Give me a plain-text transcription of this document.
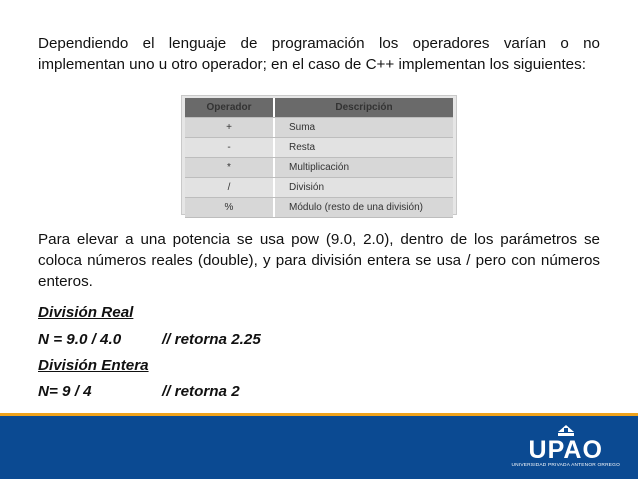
Dependiendo el lenguaje de programación los operadores varían o no implementan uno u otro operador; en el caso de C++ implementan los siguientes:

Operador	Descripción
+	Suma
-	Resta
*	Multiplicación
/	División
%	Módulo (resto de una división)

Para elevar a una potencia se usa pow (9.0, 2.0), dentro de los parámetros se coloca números reales (double), y para división entera se usa / pero con números enteros.

División Real

N = 9.0 / 4.0	// retorna 2.25

División Entera

N= 9 / 4	// retorna 2

UPAO
UNIVERSIDAD PRIVADA ANTENOR ORREGO
